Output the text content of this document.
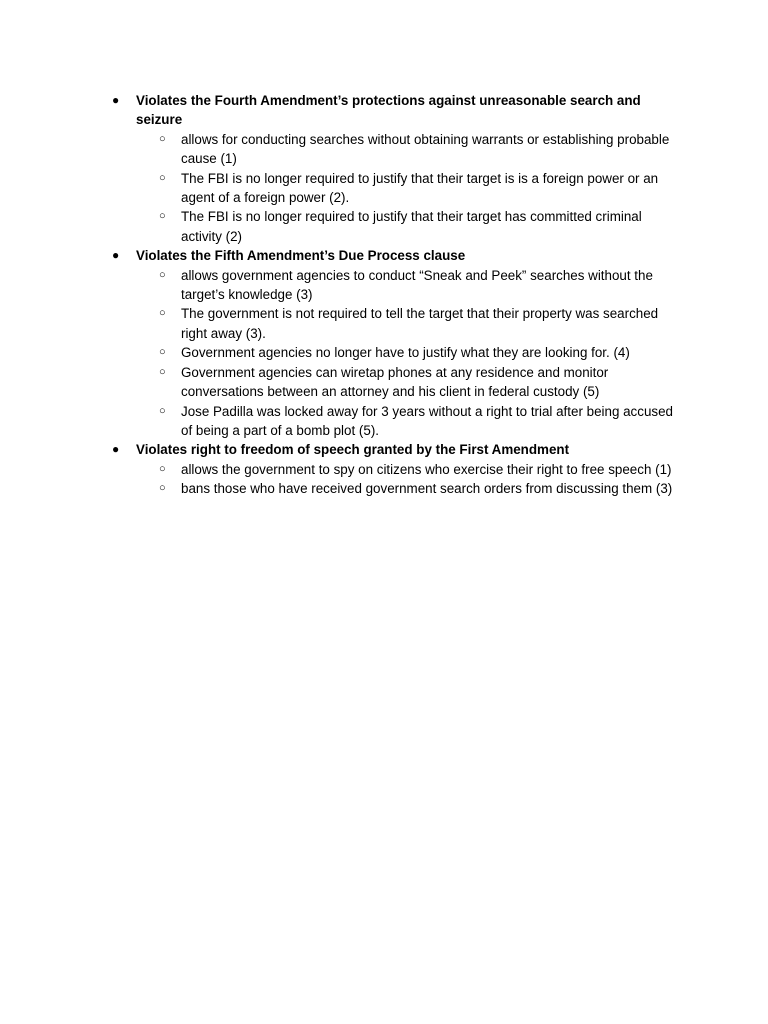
● Violates the Fourth Amendment’s protections against unreasonable search and seizure
○ allows for conducting searches without obtaining warrants or establishing probable cause (1)
○ The FBI is no longer required to justify that their target is is a foreign power or an agent of a foreign power (2).
○ The FBI is no longer required to justify that their target has committed criminal activity (2)
● Violates the Fifth Amendment’s Due Process clause
○ allows government agencies to conduct “Sneak and Peek” searches without the target’s knowledge (3)
○ The government is not required to tell the target that their property was searched right away (3).
○ Government agencies no longer have to justify what they are looking for. (4)
○ Government agencies can wiretap phones at any residence and monitor conversations between an attorney and his client in federal custody (5)
○ Jose Padilla was locked away for 3 years without a right to trial after being accused of being a part of a bomb plot (5).
● Violates right to freedom of speech granted by the First Amendment
○ allows the government to spy on citizens who exercise their right to free speech (1)
○ bans those who have received government search orders from discussing them (3)
